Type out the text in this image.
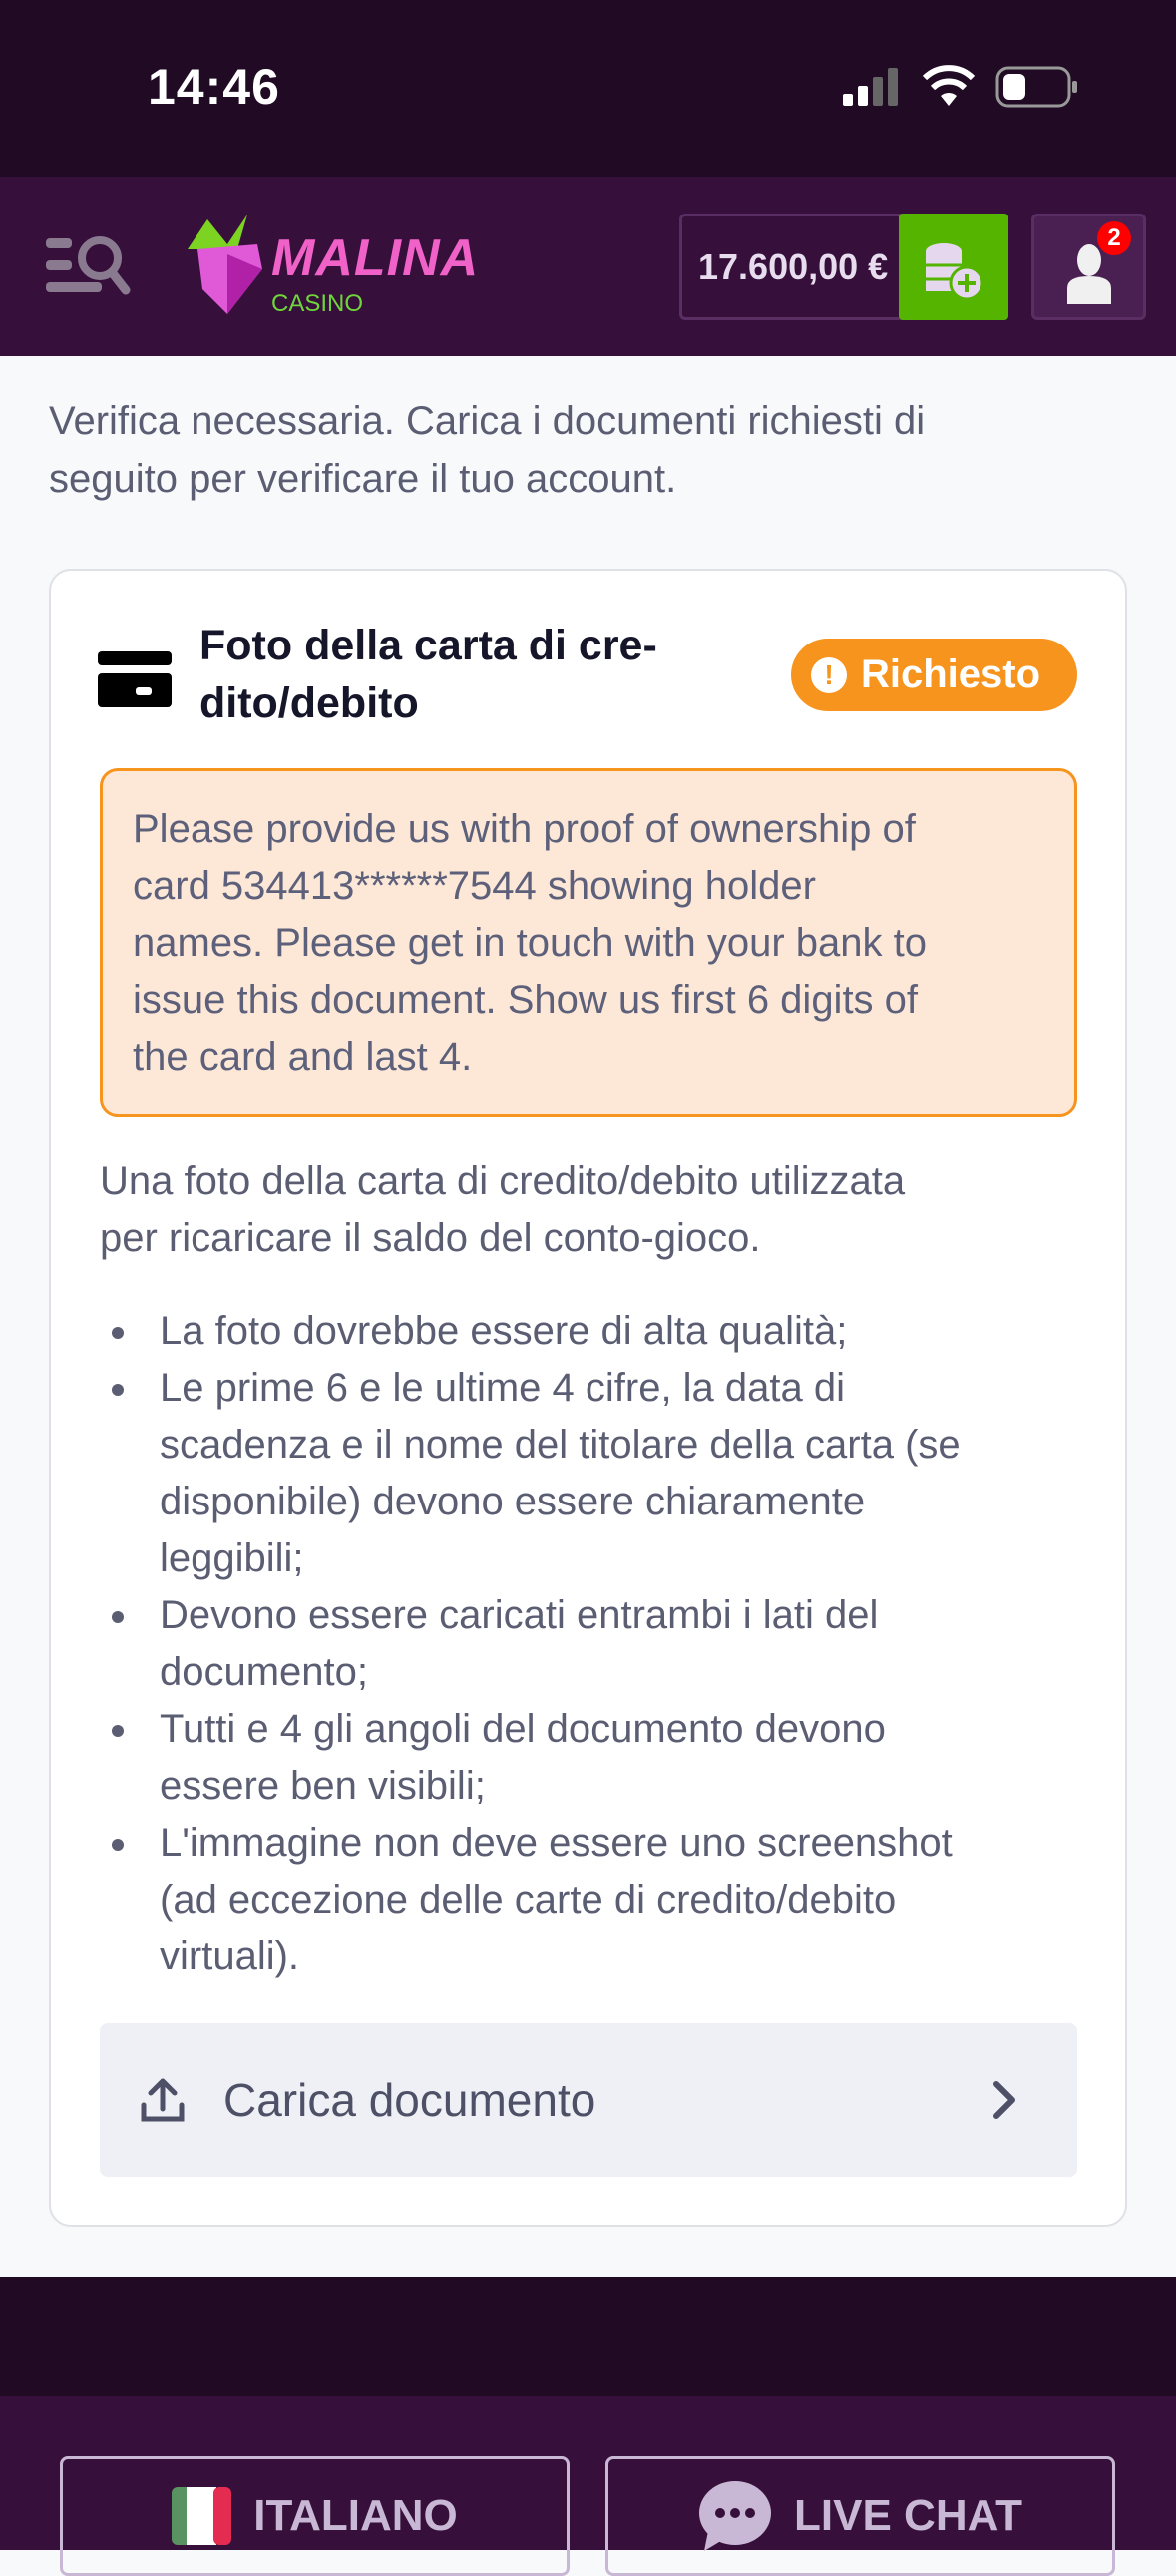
14:46
MALINA
CASINO
17.600,00 €
2
Verifica necessaria. Carica i documenti richiesti di
seguito per verificare il tuo account.
Foto della carta di cre-
dito/debito
! Richiesto
Please provide us with proof of ownership of
card 534413******7544 showing holder
names. Please get in touch with your bank to
issue this document. Show us first 6 digits of
the card and last 4.
Una foto della carta di credito/debito utilizzata
per ricaricare il saldo del conto-gioco.
La foto dovrebbe essere di alta qualità;
Le prime 6 e le ultime 4 cifre, la data di
scadenza e il nome del titolare della carta (se
disponibile) devono essere chiaramente
leggibili;
Devono essere caricati entrambi i lati del
documento;
Tutti e 4 gli angoli del documento devono
essere ben visibili;
L'immagine non deve essere uno screenshot
(ad eccezione delle carte di credito/debito
virtuali).
Carica documento
ITALIANO	LIVE CHAT
